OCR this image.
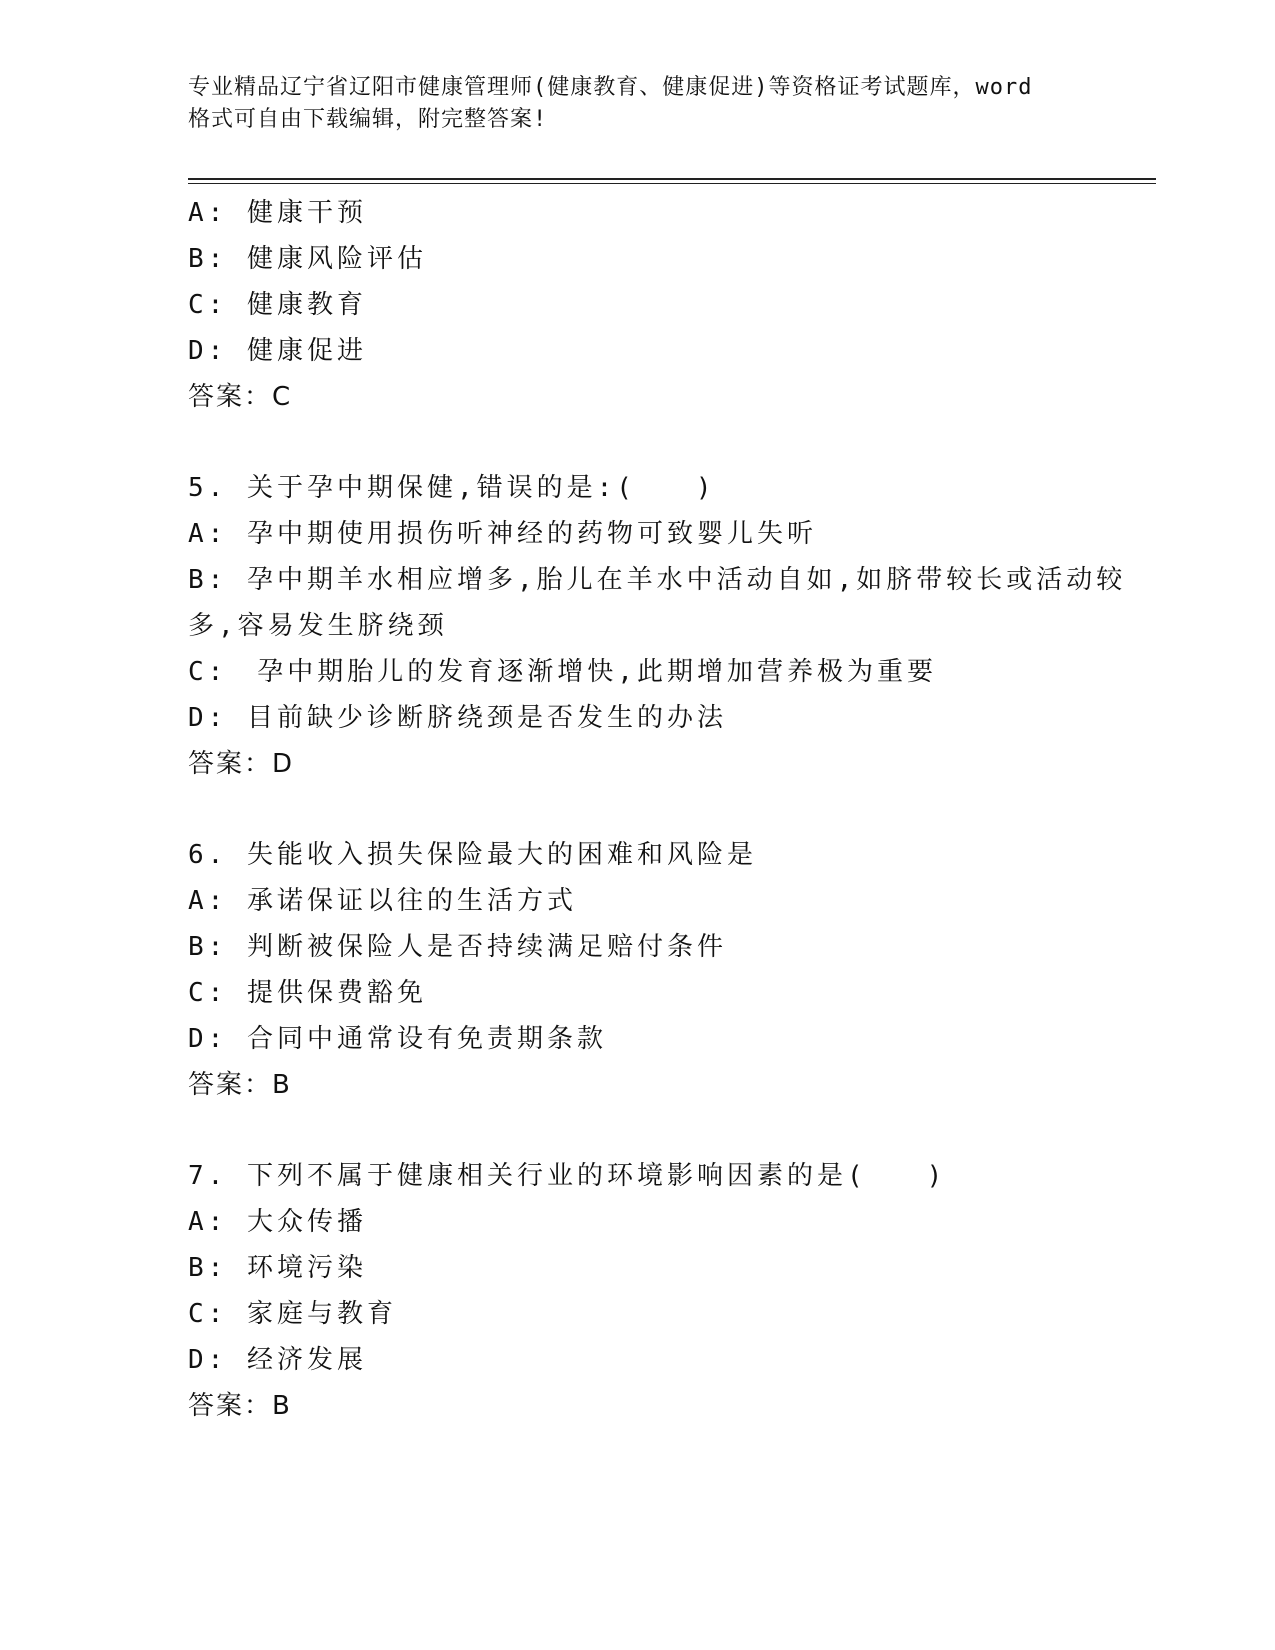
专业精品辽宁省辽阳市健康管理师(健康教育、健康促进)等资格证考试题库，word
格式可自由下载编辑，附完整答案!
A: 健康干预
B: 健康风险评估
C: 健康教育
D: 健康促进
答案：C
5. 关于孕中期保健,错误的是:(　　)
A: 孕中期使用损伤听神经的药物可致婴儿失听
B: 孕中期羊水相应增多,胎儿在羊水中活动自如,如脐带较长或活动较
多,容易发生脐绕颈
C:　孕中期胎儿的发育逐渐增快,此期增加营养极为重要
D: 目前缺少诊断脐绕颈是否发生的办法
答案：D
6. 失能收入损失保险最大的困难和风险是
A: 承诺保证以往的生活方式
B: 判断被保险人是否持续满足赔付条件
C: 提供保费豁免
D: 合同中通常设有免责期条款
答案：B
7. 下列不属于健康相关行业的环境影响因素的是(　　)
A: 大众传播
B: 环境污染
C: 家庭与教育
D: 经济发展
答案：B
